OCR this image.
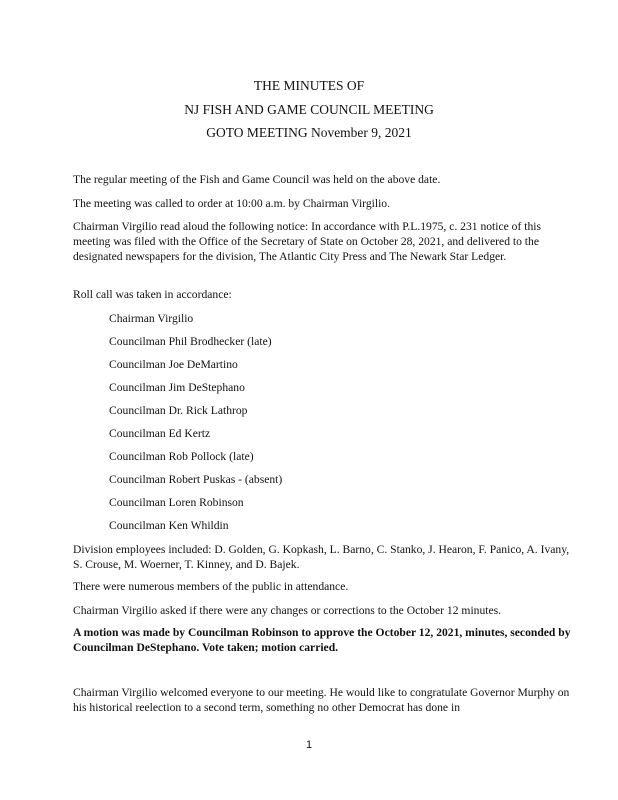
THE MINUTES OF
NJ FISH AND GAME COUNCIL MEETING
GOTO MEETING November 9, 2021

The regular meeting of the Fish and Game Council was held on the above date.

The meeting was called to order at 10:00 a.m. by Chairman Virgilio.

Chairman Virgilio read aloud the following notice: In accordance with P.L.1975, c. 231 notice of this meeting was filed with the Office of the Secretary of State on October 28, 2021, and delivered to the designated newspapers for the division, The Atlantic City Press and The Newark Star Ledger.

Roll call was taken in accordance:

Chairman Virgilio
Councilman Phil Brodhecker (late)
Councilman Joe DeMartino
Councilman Jim DeStephano
Councilman Dr. Rick Lathrop
Councilman Ed Kertz
Councilman Rob Pollock (late)
Councilman Robert Puskas - (absent)
Councilman Loren Robinson
Councilman Ken Whildin

Division employees included: D. Golden, G. Kopkash, L. Barno, C. Stanko, J. Hearon, F. Panico, A. Ivany, S. Crouse, M. Woerner, T. Kinney, and D. Bajek.

There were numerous members of the public in attendance.

Chairman Virgilio asked if there were any changes or corrections to the October 12 minutes.

A motion was made by Councilman Robinson to approve the October 12, 2021, minutes, seconded by Councilman DeStephano. Vote taken; motion carried.

Chairman Virgilio welcomed everyone to our meeting. He would like to congratulate Governor Murphy on his historical reelection to a second term, something no other Democrat has done in

1
